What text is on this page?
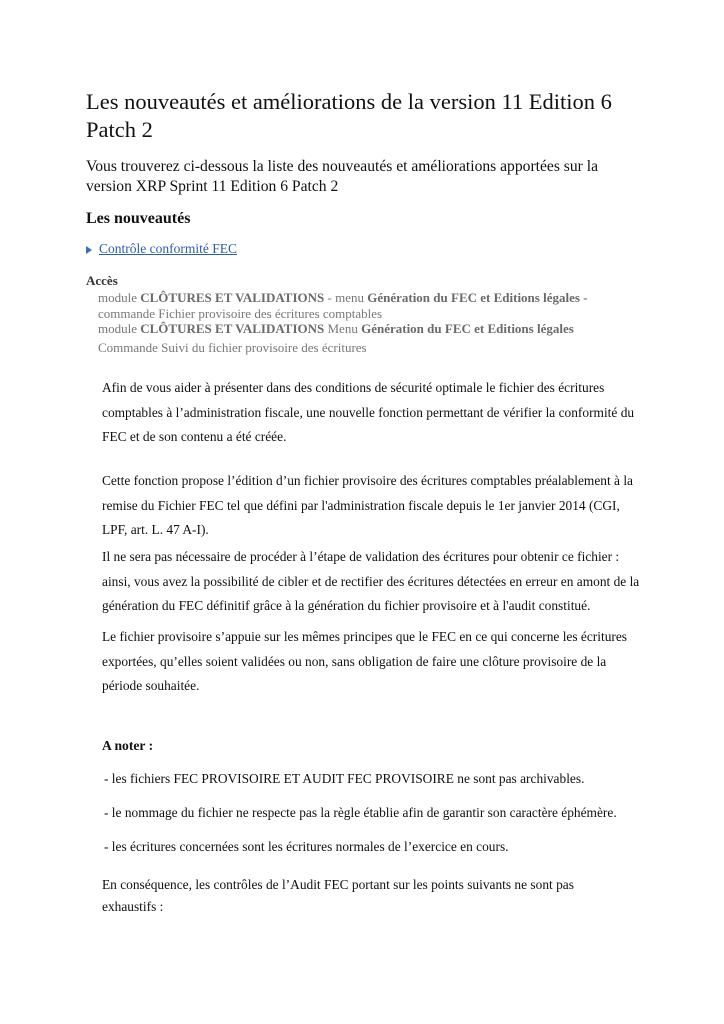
Les nouveautés et améliorations de la version 11 Edition 6 Patch 2

Vous trouverez ci-dessous la liste des nouveautés et améliorations apportées sur la version XRP Sprint 11 Edition 6 Patch 2

Les nouveautés
Contrôle conformité FEC
Accès
module CLÔTURES ET VALIDATIONS - menu Génération du FEC et Editions légales -
commande Fichier provisoire des écritures comptables
module CLÔTURES ET VALIDATIONS Menu Génération du FEC et Editions légales
Commande Suivi du fichier provisoire des écritures

Afin de vous aider à présenter dans des conditions de sécurité optimale le fichier des écritures comptables à l’administration fiscale, une nouvelle fonction permettant de vérifier la conformité du FEC et de son contenu a été créée.

Cette fonction propose l’édition d’un fichier provisoire des écritures comptables préalablement à la remise du Fichier FEC tel que défini par l'administration fiscale depuis le 1er janvier 2014 (CGI, LPF, art. L. 47 A-I).

Il ne sera pas nécessaire de procéder à l’étape de validation des écritures pour obtenir ce fichier : ainsi, vous avez la possibilité de cibler et de rectifier des écritures détectées en erreur en amont de la génération du FEC définitif grâce à la génération du fichier provisoire et à l'audit constitué.

Le fichier provisoire s’appuie sur les mêmes principes que le FEC en ce qui concerne les écritures exportées, qu’elles soient validées ou non, sans obligation de faire une clôture provisoire de la période souhaitée.

A noter :
- les fichiers FEC PROVISOIRE ET AUDIT FEC PROVISOIRE ne sont pas archivables.
- le nommage du fichier ne respecte pas la règle établie afin de garantir son caractère éphémère.
- les écritures concernées sont les écritures normales de l’exercice en cours.

En conséquence, les contrôles de l’Audit FEC portant sur les points suivants ne sont pas exhaustifs :
